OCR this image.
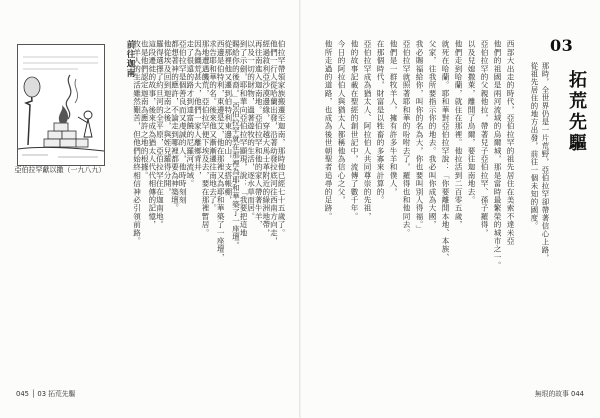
亞伯拉罕獻以撒（一九八九）
前往迦南	伯拉罕帶領家族搬遷至迦南，那時他已經七十五歲了。
他們一行人從哈蘭出發，沿著幼發拉底河往西南方向走，
經過敘利亞沙漠邊緣，穿越大馬士革附近的綠洲地帶，
再往南進入迦南地。亞伯拉罕和他的家人帶著牛羊，
以及一切的財物，過著遊牧的生活，逐水草而居。
到了示劍，耶和華向亞伯拉罕顯現，說：「我要把這地
賜給你的後裔。」亞伯拉罕就在那裡為耶和華築了一座壇。
從那裡他又遷到伯特利東邊的山，支搭帳棚，
西邊是伯特利，東邊是艾，他在那裡又為耶和華築了一座壇，
求告耶和華的名。後來他又漸漸遷往南地去了。
那地遭遇饑荒，亞伯拉罕便下埃及去，要在那裡暫居。
因為饑荒甚大，他們一家人離鄉背井，
走了很遠的路才到達富饒的尼羅河流域。
亞伯拉罕是個善良而又虔誠的人，他時時刻刻
都想著神的應許，不論走到哪裡都要為神築壇。
他從埃及回到迦南之後，與姪兒羅得分開，
羅得選擇了約旦河的全平原，亞伯拉罕住在迦南地。
這段遷徙的故事，後來成為猶太人代代相傳的記憶，
也是他們認定迦南為應許之地的根據。
牧羊人的生活雖然艱苦，但他們始終相信神必引領前路。	03
拓荒先驅
那時，全世界仍是一片荒野，亞伯拉罕卻帶著信心上路，
從祖先居住的地方出發，前往一個未知的國度。
西部大出走的時代，亞伯拉罕的祖先居住在美索不達米亞
他們的祖國是兩河流域的烏爾城，那是當時最繁榮的城市之一。
亞伯拉罕的父親他拉，帶著兒子亞伯拉罕、孫子羅得，
以及兒媳撒萊，離開了烏爾，要往迦南地去。
他們走到哈蘭，就住在那裡。他拉活到二百零五歲，
就死在哈蘭。耶和華對亞伯拉罕說：「你要離開本地、本族、
父家，往我所要指示你的地去。我必叫你成為大國，
我必賜福給你，叫你的名為大，你也要叫別人得福。」
亞伯拉罕就照著耶和華的吩咐去了，羅得也和他同去。
他們是一群牧羊人，擁有許多牛羊和僕人，
在那個時代，財富是以牲畜的多寡來計算的。
亞伯拉罕成為猶太人、阿拉伯人共同尊崇的先祖，
他的故事記載在聖經的創世記中，流傳了數千年。
今日的阿拉伯人與猶太人都稱他為信心之父，
他所走過的道路，也成為後世朝聖者追尋的足跡。
045 │ 03 拓荒先驅	無垠的故事 044
